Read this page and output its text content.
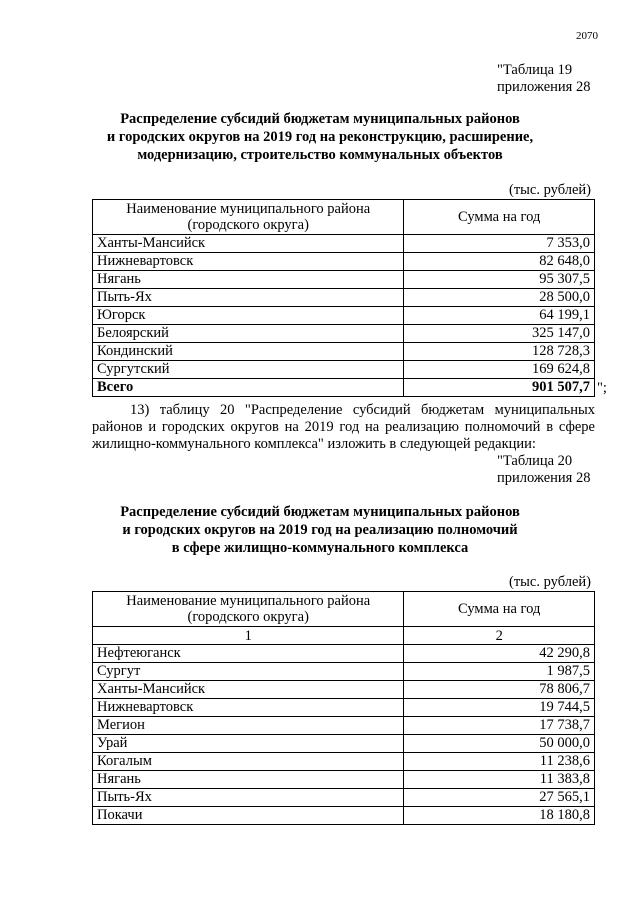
2070
"Таблица 19
приложения 28
Распределение субсидий бюджетам муниципальных районов
и городских округов на 2019 год на реконструкцию, расширение,
модернизацию, строительство коммунальных объектов
(тыс. рублей)
Наименование муниципального района
(городского округа)	Сумма на год
Ханты-Мансийск	7 353,0
Нижневартовск	82 648,0
Нягань	95 307,5
Пыть-Ях	28 500,0
Югорск	64 199,1
Белоярский	325 147,0
Кондинский	128 728,3
Сургутский	169 624,8
Всего	901 507,7 ";
13) таблицу 20 "Распределение субсидий бюджетам муниципальных
районов и городских округов на 2019 год на реализацию полномочий в сфере
жилищно-коммунального комплекса" изложить в следующей редакции:
"Таблица 20
приложения 28
Распределение субсидий бюджетам муниципальных районов
и городских округов на 2019 год на реализацию полномочий
в сфере жилищно-коммунального комплекса
(тыс. рублей)
Наименование муниципального района
(городского округа)	Сумма на год
1	2
Нефтеюганск	42 290,8
Сургут	1 987,5
Ханты-Мансийск	78 806,7
Нижневартовск	19 744,5
Мегион	17 738,7
Урай	50 000,0
Когалым	11 238,6
Нягань	11 383,8
Пыть-Ях	27 565,1
Покачи	18 180,8
